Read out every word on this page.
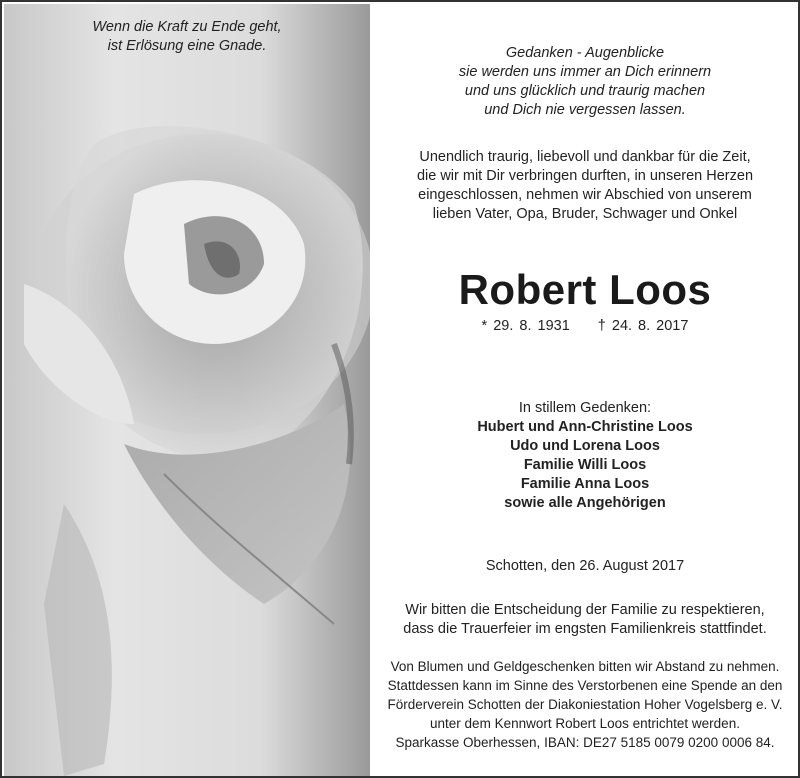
Wenn die Kraft zu Ende geht,
ist Erlösung eine Gnade.	Gedanken - Augenblicke
sie werden uns immer an Dich erinnern
und uns glücklich und traurig machen
und Dich nie vergessen lassen.
Unendlich traurig, liebevoll und dankbar für die Zeit,
die wir mit Dir verbringen durften, in unseren Herzen
eingeschlossen, nehmen wir Abschied von unserem
lieben Vater, Opa, Bruder, Schwager und Onkel
Robert Loos
* 29. 8. 1931 † 24. 8. 2017
In stillem Gedenken:
Hubert und Ann-Christine Loos
Udo und Lorena Loos
Familie Willi Loos
Familie Anna Loos
sowie alle Angehörigen
Schotten, den 26. August 2017
Wir bitten die Entscheidung der Familie zu respektieren,
dass die Trauerfeier im engsten Familienkreis stattfindet.
Von Blumen und Geldgeschenken bitten wir Abstand zu nehmen.
Stattdessen kann im Sinne des Verstorbenen eine Spende an den
Förderverein Schotten der Diakoniestation Hoher Vogelsberg e. V.
unter dem Kennwort Robert Loos entrichtet werden.
Sparkasse Oberhessen, IBAN: DE27 5185 0079 0200 0006 84.
